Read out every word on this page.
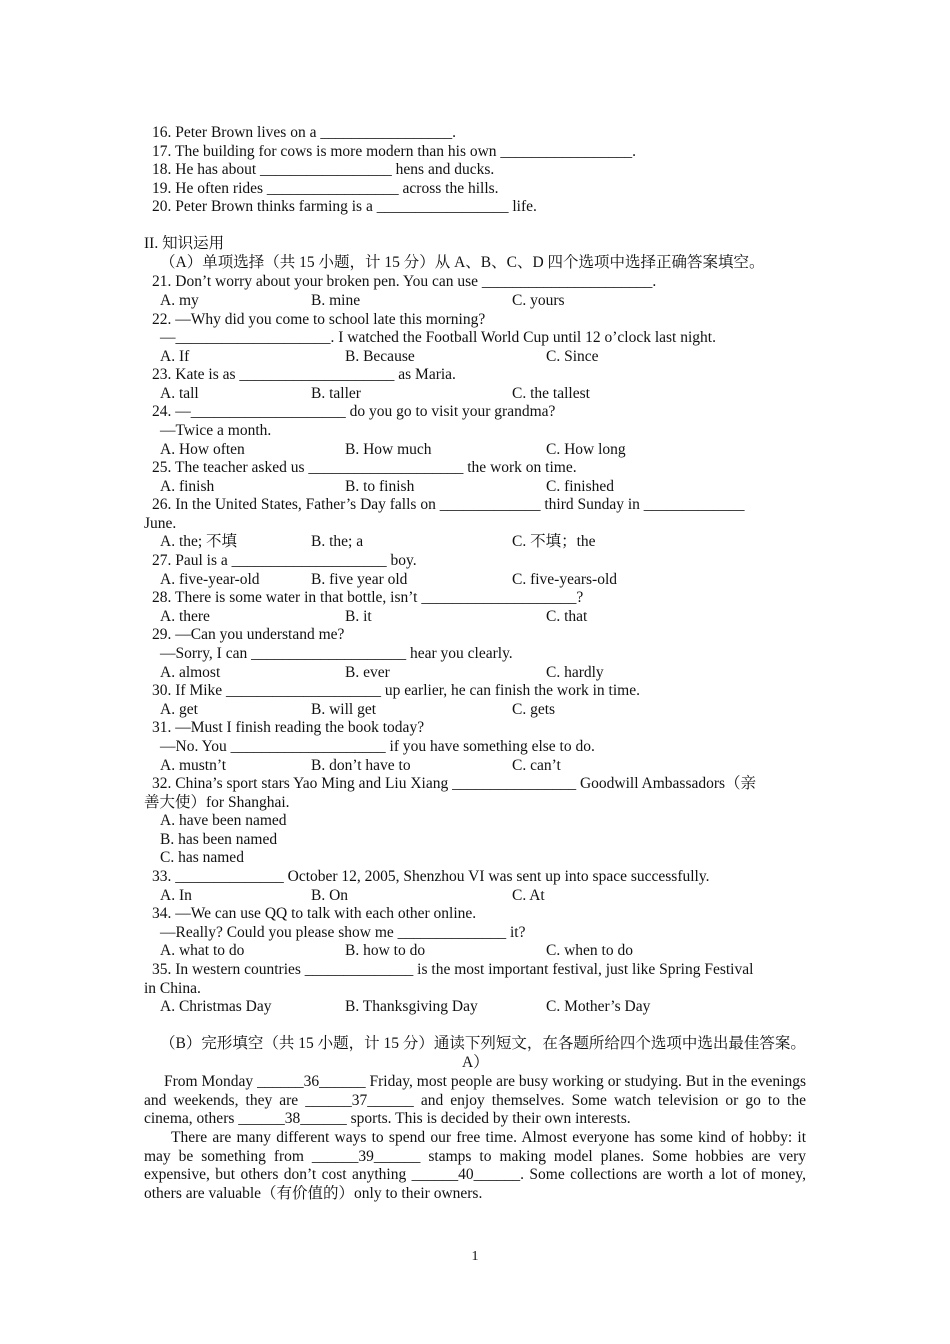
16. Peter Brown lives on a _________________.
17. The building for cows is more modern than his own _________________.
18. He has about _________________ hens and ducks.
19. He often rides _________________ across the hills.
20. Peter Brown thinks farming is a _________________ life.
II. 知识运用
（A）单项选择（共 15 小题，计 15 分）从 A、B、C、D 四个选项中选择正确答案填空。
21. Don’t worry about your broken pen. You can use ______________________.
A. my	B. mine	C. yours
22. —Why did you come to school late this morning?
—____________________. I watched the Football World Cup until 12 o’clock last night.
A. If	B. Because	C. Since
23. Kate is as ____________________ as Maria.
A. tall	B. taller	C. the tallest
24. —____________________ do you go to visit your grandma?
—Twice a month.
A. How often	B. How much	C. How long
25. The teacher asked us ____________________ the work on time.
A. finish	B. to finish	C. finished
26. In the United States, Father’s Day falls on _____________ third Sunday in _____________
June.
A. the; 不填	B. the; a	C. 不填；the
27. Paul is a ____________________ boy.
A. five-year-old	B. five year old	C. five-years-old
28. There is some water in that bottle, isn’t ____________________?
A. there	B. it	C. that
29. —Can you understand me?
—Sorry, I can ____________________ hear you clearly.
A. almost	B. ever	C. hardly
30. If Mike ____________________ up earlier, he can finish the work in time.
A. get	B. will get	C. gets
31. —Must I finish reading the book today?
—No. You ____________________ if you have something else to do.
A. mustn’t	B. don’t have to	C. can’t
32. China’s sport stars Yao Ming and Liu Xiang ________________ Goodwill Ambassadors（亲
善大使）for Shanghai.
A. have been named
B. has been named
C. has named
33. ______________ October 12, 2005, Shenzhou VI was sent up into space successfully.
A. In	B. On	C. At
34. —We can use QQ to talk with each other online.
—Really? Could you please show me ______________ it?
A. what to do	B. how to do	C. when to do
35. In western countries ______________ is the most important festival, just like Spring Festival
in China.
A. Christmas Day	B. Thanksgiving Day	C. Mother’s Day
（B）完形填空（共 15 小题，计 15 分）通读下列短文，在各题所给四个选项中选出最佳答案。
A）
From Monday ______36______ Friday, most people are busy working or studying. But in the evenings and weekends, they are ______37______ and enjoy themselves. Some watch television or go to the cinema, others ______38______ sports. This is decided by their own interests.
There are many different ways to spend our free time. Almost everyone has some kind of hobby: it may be something from ______39______ stamps to making model planes. Some hobbies are very expensive, but others don’t cost anything ______40______. Some collections are worth a lot of money, others are valuable（有价值的）only to their owners.
1
